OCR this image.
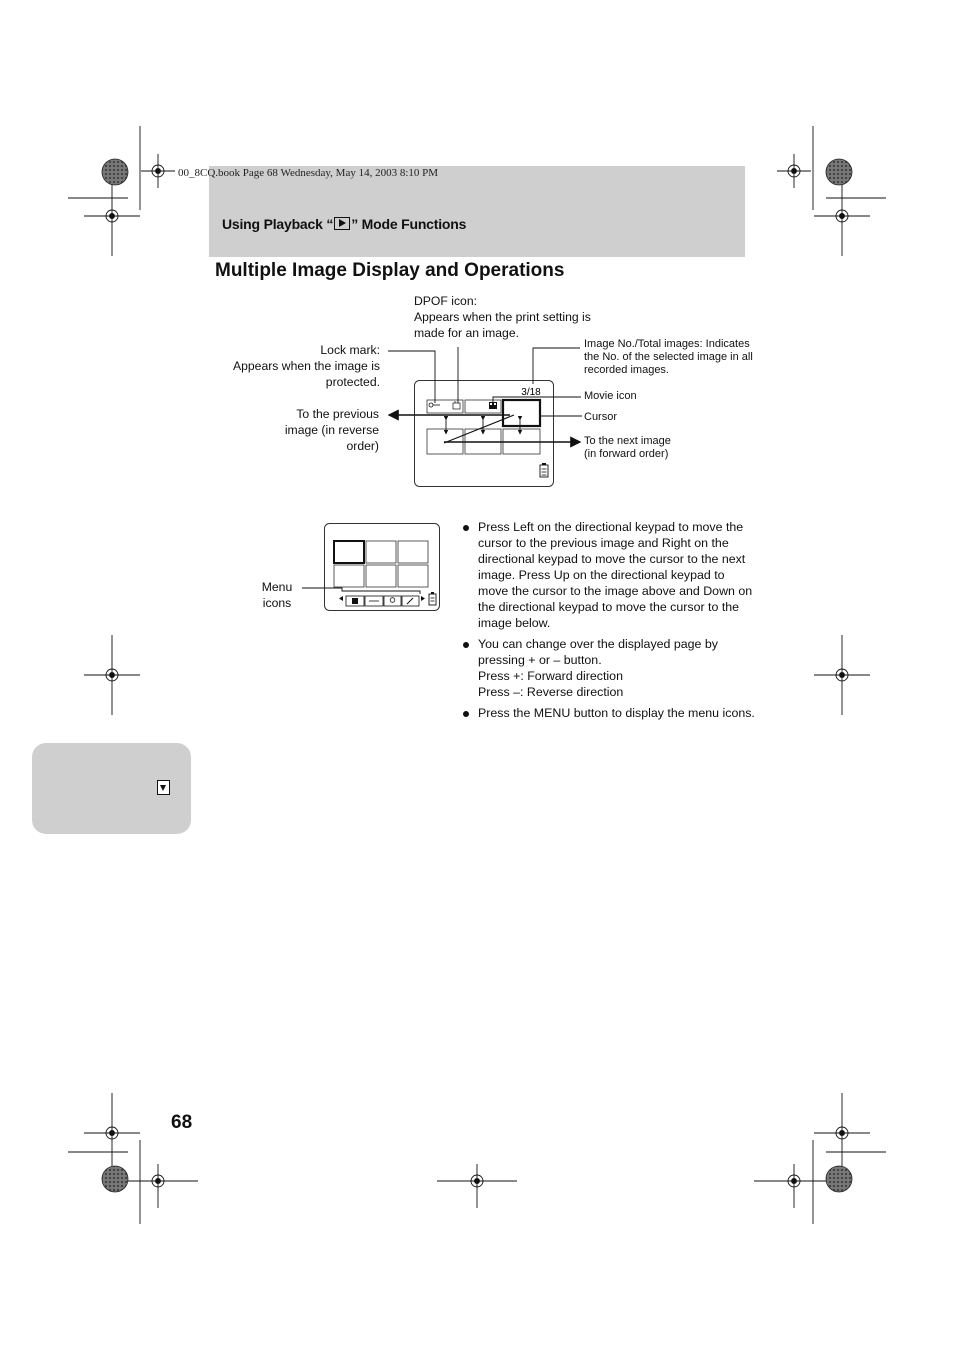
00_8CQ.book Page 68 Wednesday, May 14, 2003 8:10 PM
Using Playback “ ” Mode Functions
Multiple Image Display and Operations
DPOF icon:
Appears when the print setting is made for an image.
Lock mark:
Appears when the image is protected.
Image No./Total images: Indicates the No. of the selected image in all recorded images.
Movie icon
Cursor
To the previous image (in reverse order)	To the next image (in forward order)
Menu icons
3/18
Press Left on the directional keypad to move the cursor to the previous image and Right on the directional keypad to move the cursor to the next image. Press Up on the directional keypad to move the cursor to the image above and Down on the directional keypad to move the cursor to the image below.
You can change over the displayed page by pressing + or – button.
Press +: Forward direction
Press –: Reverse direction
Press the MENU button to display the menu icons.
68
